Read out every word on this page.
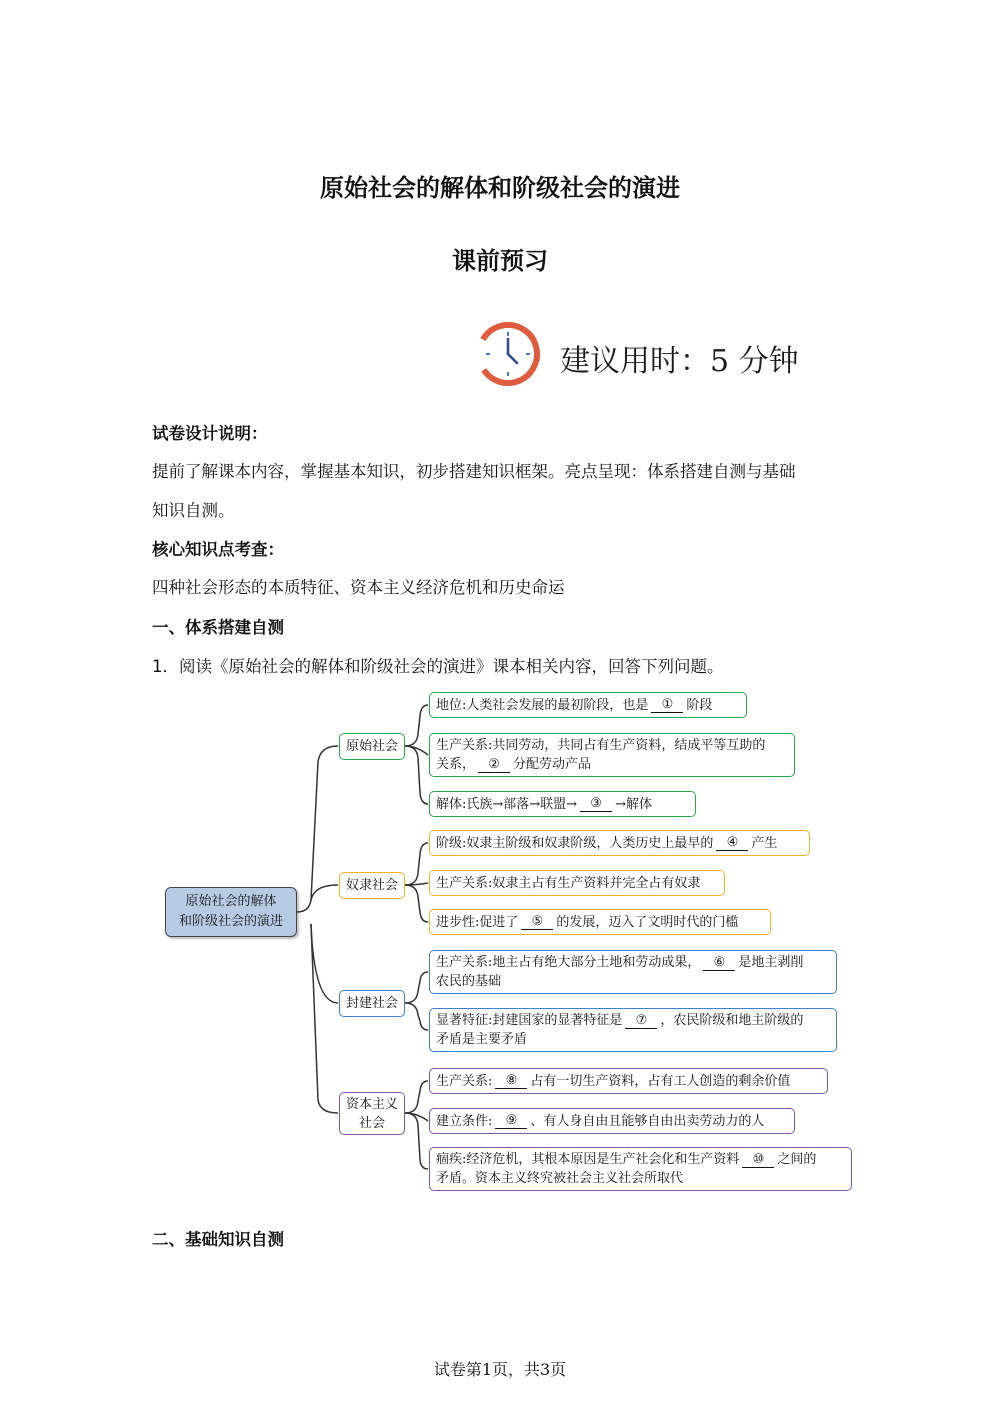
原始社会的解体和阶级社会的演进
课前预习
建议用时：5 分钟
试卷设计说明：
提前了解课本内容，掌握基本知识，初步搭建知识框架。亮点呈现：体系搭建自测与基础
知识自测。
核心知识点考查：
四种社会形态的本质特征、资本主义经济危机和历史命运
一、体系搭建自测
1．阅读《原始社会的解体和阶级社会的演进》课本相关内容，回答下列问题。
原始社会的解体
和阶级社会的演进
原始社会
奴隶社会
封建社会
资本主义
社会
地位:人类社会发展的最初阶段，也是	①	阶段
生产关系:共同劳动，共同占有生产资料，结成平等互助的
关系， ② 分配劳动产品
解体:氏族→部落→联盟→	③	→解体
阶级:奴隶主阶级和奴隶阶级，人类历史上最早的	④	产生
生产关系:奴隶主占有生产资料并完全占有奴隶
进步性:促进了	⑤	的发展，迈入了文明时代的门槛
生产关系:地主占有绝大部分土地和劳动成果， ⑥ 是地主剥削
农民的基础
显著特征:封建国家的显著特征是 ⑦ ，农民阶级和地主阶级的
矛盾是主要矛盾
生产关系:	⑧	占有一切生产资料，占有工人创造的剩余价值
建立条件:	⑨	、有人身自由且能够自由出卖劳动力的人
痼疾:经济危机，其根本原因是生产社会化和生产资料 ⑩ 之间的
矛盾。资本主义终究被社会主义社会所取代
二、基础知识自测
试卷第1页，共3页
